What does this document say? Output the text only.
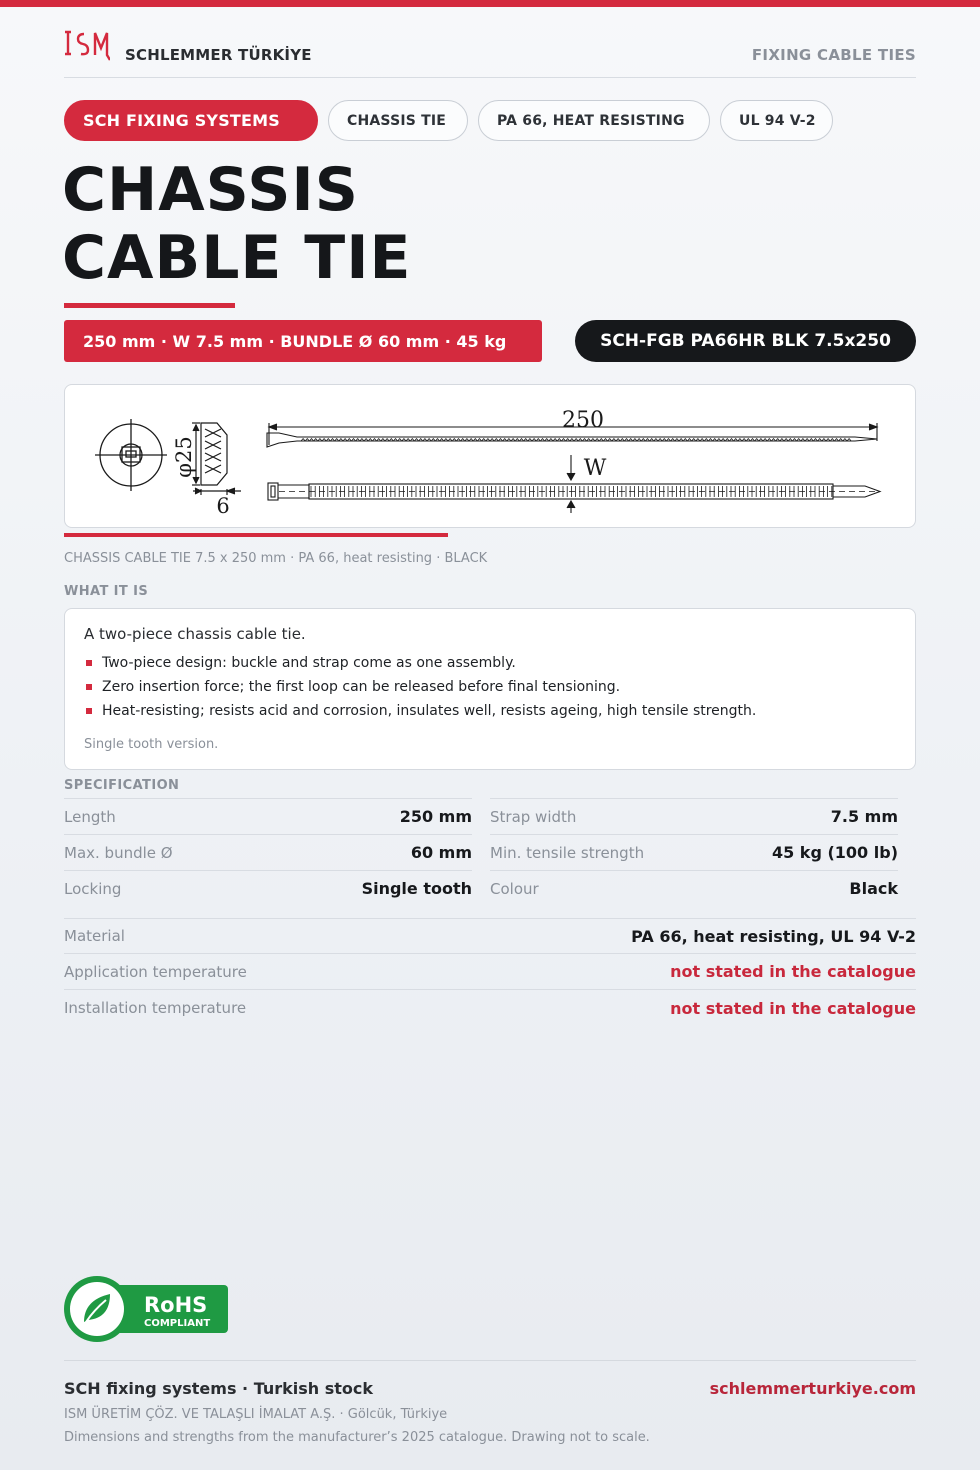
ISM	SCHLEMMER TÜRKİYE	FIXING CABLE TIES
SCH FIXING SYSTEMS	CHASSIS TIE	PA 66, HEAT RESISTING	UL 94 V-2
CHASSIS
CABLE TIE
250 mm · W 7.5 mm · BUNDLE Ø 60 mm · 45 kg	SCH-FGB PA66HR BLK 7.5x250
φ25
6
250
W
CHASSIS CABLE TIE 7.5 x 250 mm · PA 66, heat resisting · BLACK
WHAT IT IS
A two-piece chassis cable tie.
Two-piece design: buckle and strap come as one assembly.
Zero insertion force; the first loop can be released before final tensioning.
Heat-resisting; resists acid and corrosion, insulates well, resists ageing, high tensile strength.
Single tooth version.
SPECIFICATION
Length	250 mm
Max. bundle Ø	60 mm
Locking	Single tooth
Strap width	7.5 mm
Min. tensile strength	45 kg (100 lb)
Colour	Black
Material	PA 66, heat resisting, UL 94 V-2
Application temperature	not stated in the catalogue
Installation temperature	not stated in the catalogue
RoHS
COMPLIANT
SCH fixing systems · Turkish stock	schlemmerturkiye.com
ISM ÜRETİM ÇÖZ. VE TALAŞLI İMALAT A.Ş. · Gölcük, Türkiye
Dimensions and strengths from the manufacturer’s 2025 catalogue. Drawing not to scale.
